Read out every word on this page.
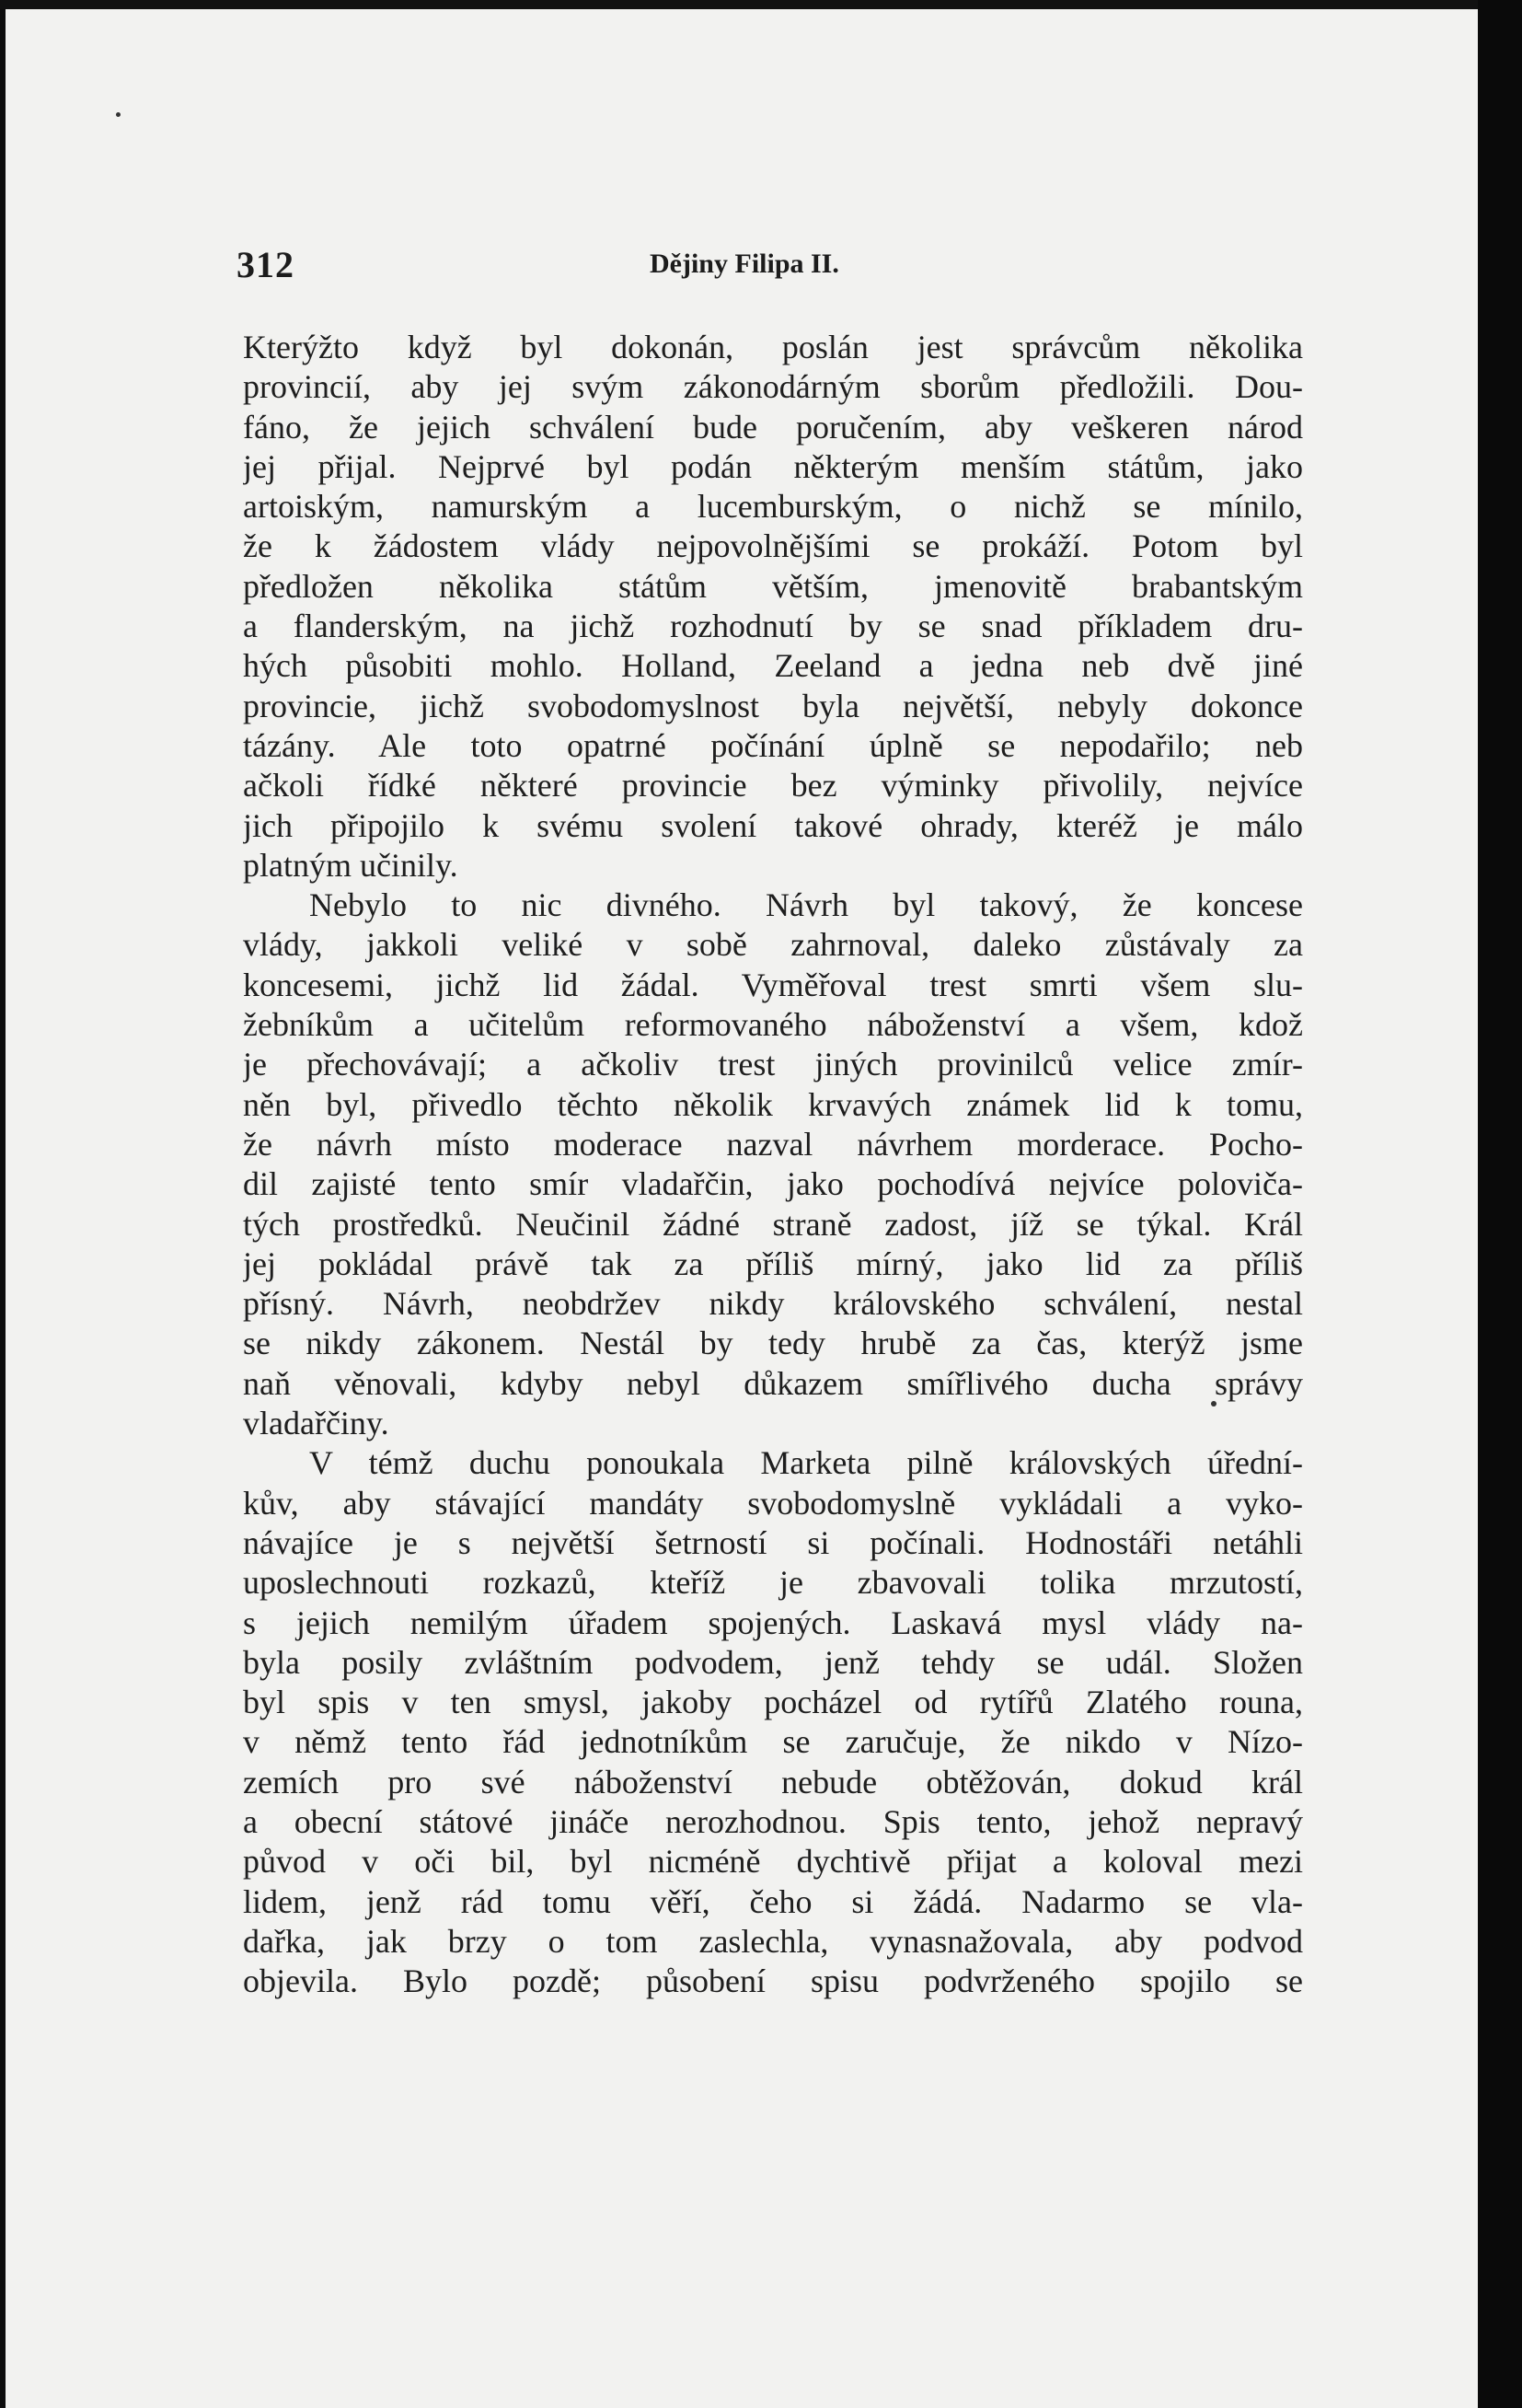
312	Dějiny Filipa II.
Kterýžto když byl dokonán, poslán jest správcům několika
provincií, aby jej svým zákonodárným sborům předložili. Dou-
fáno, že jejich schválení bude poručením, aby veškeren národ
jej přijal. Nejprvé byl podán některým menším státům, jako
artoiským, namurským a lucemburským, o nichž se mínilo,
že k žádostem vlády nejpovolnějšími se prokáží. Potom byl
předložen několika státům větším, jmenovitě brabantským
a flanderským, na jichž rozhodnutí by se snad příkladem dru-
hých působiti mohlo. Holland, Zeeland a jedna neb dvě jiné
provincie, jichž svobodomyslnost byla největší, nebyly dokonce
tázány. Ale toto opatrné počínání úplně se nepodařilo; neb
ačkoli řídké některé provincie bez výminky přivolily, nejvíce
jich připojilo k svému svolení takové ohrady, kteréž je málo
platným učinily.
Nebylo to nic divného. Návrh byl takový, že koncese
vlády, jakkoli veliké v sobě zahrnoval, daleko zůstávaly za
koncesemi, jichž lid žádal. Vyměřoval trest smrti všem slu-
žebníkům a učitelům reformovaného náboženství a všem, kdož
je přechovávají; a ačkoliv trest jiných provinilců velice zmír-
něn byl, přivedlo těchto několik krvavých známek lid k tomu,
že návrh místo moderace nazval návrhem morderace. Pocho-
dil zajisté tento smír vladařčin, jako pochodívá nejvíce poloviča-
tých prostředků. Neučinil žádné straně zadost, jíž se týkal. Král
jej pokládal právě tak za příliš mírný, jako lid za příliš
přísný. Návrh, neobdržev nikdy královského schválení, nestal
se nikdy zákonem. Nestál by tedy hrubě za čas, kterýž jsme
naň věnovali, kdyby nebyl důkazem smířlivého ducha správy
vladařčiny.
V témž duchu ponoukala Marketa pilně královských úřední-
kův, aby stávající mandáty svobodomyslně vykládali a vyko-
návajíce je s největší šetrností si počínali. Hodnostáři netáhli
uposlechnouti rozkazů, kteříž je zbavovali tolika mrzutostí,
s jejich nemilým úřadem spojených. Laskavá mysl vlády na-
byla posily zvláštním podvodem, jenž tehdy se udál. Složen
byl spis v ten smysl, jakoby pocházel od rytířů Zlatého rouna,
v němž tento řád jednotníkům se zaručuje, že nikdo v Nízo-
zemích pro své náboženství nebude obtěžován, dokud král
a obecní státové jináče nerozhodnou. Spis tento, jehož nepravý
původ v oči bil, byl nicméně dychtivě přijat a koloval mezi
lidem, jenž rád tomu věří, čeho si žádá. Nadarmo se vla-
dařka, jak brzy o tom zaslechla, vynasnažovala, aby podvod
objevila. Bylo pozdě; působení spisu podvrženého spojilo se
